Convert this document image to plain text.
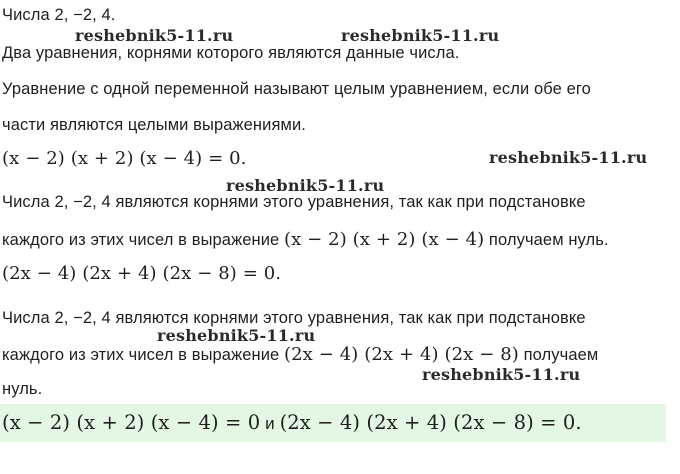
Числа 2, −2, 4.
Два уравнения, корнями которого являются данные числа.
Уравнение с одной переменной называют целым уравнением, если обе его
части являются целыми выражениями.
(x − 2) (x + 2) (x − 4) = 0.
Числа 2, −2, 4 являются корнями этого уравнения, так как при подстановке
каждого из этих чисел в выражение (x − 2) (x + 2) (x − 4) получаем нуль.
(2x − 4) (2x + 4) (2x − 8) = 0.
Числа 2, −2, 4 являются корнями этого уравнения, так как при подстановке
каждого из этих чисел в выражение (2x − 4) (2x + 4) (2x − 8) получаем
нуль.
(x − 2) (x + 2) (x − 4) = 0 и (2x − 4) (2x + 4) (2x − 8) = 0.
reshebnik5-11.ru	reshebnik5-11.ru
reshebnik5-11.ru
reshebnik5-11.ru
reshebnik5-11.ru
reshebnik5-11.ru
